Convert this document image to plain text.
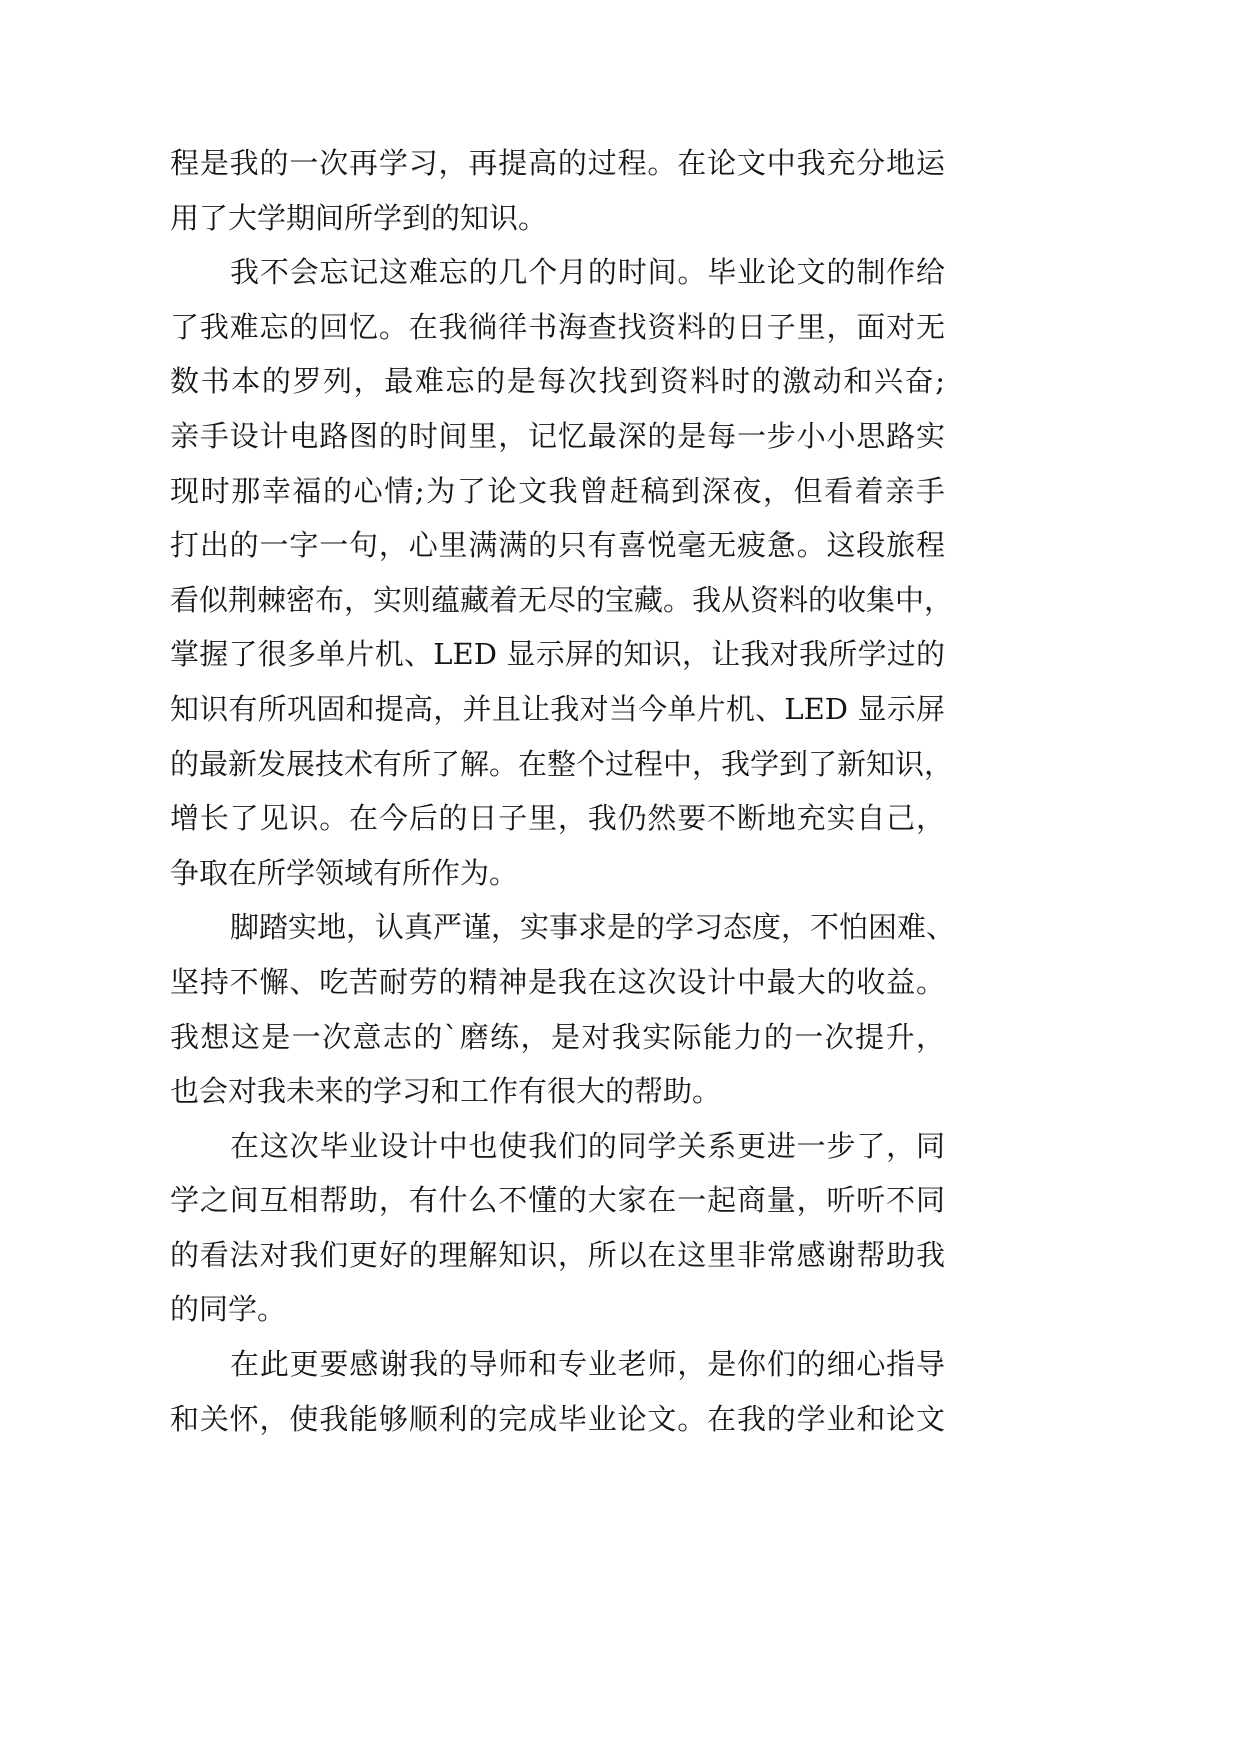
程是我的一次再学习，再提高的过程。在论文中我充分地运
用了大学期间所学到的知识。
我不会忘记这难忘的几个月的时间。毕业论文的制作给
了我难忘的回忆。在我徜徉书海查找资料的日子里，面对无
数书本的罗列，最难忘的是每次找到资料时的激动和兴奋;
亲手设计电路图的时间里，记忆最深的是每一步小小思路实
现时那幸福的心情;为了论文我曾赶稿到深夜，但看着亲手
打出的一字一句，心里满满的只有喜悦毫无疲惫。这段旅程
看似荆棘密布，实则蕴藏着无尽的宝藏。我从资料的收集中，
掌握了很多单片机、LED 显示屏的知识，让我对我所学过的
知识有所巩固和提高，并且让我对当今单片机、LED 显示屏
的最新发展技术有所了解。在整个过程中，我学到了新知识，
增长了见识。在今后的日子里，我仍然要不断地充实自己，
争取在所学领域有所作为。
脚踏实地，认真严谨，实事求是的学习态度，不怕困难、
坚持不懈、吃苦耐劳的精神是我在这次设计中最大的收益。
我想这是一次意志的`磨练，是对我实际能力的一次提升，
也会对我未来的学习和工作有很大的帮助。
在这次毕业设计中也使我们的同学关系更进一步了，同
学之间互相帮助，有什么不懂的大家在一起商量，听听不同
的看法对我们更好的理解知识，所以在这里非常感谢帮助我
的同学。
在此更要感谢我的导师和专业老师，是你们的细心指导
和关怀，使我能够顺利的完成毕业论文。在我的学业和论文
